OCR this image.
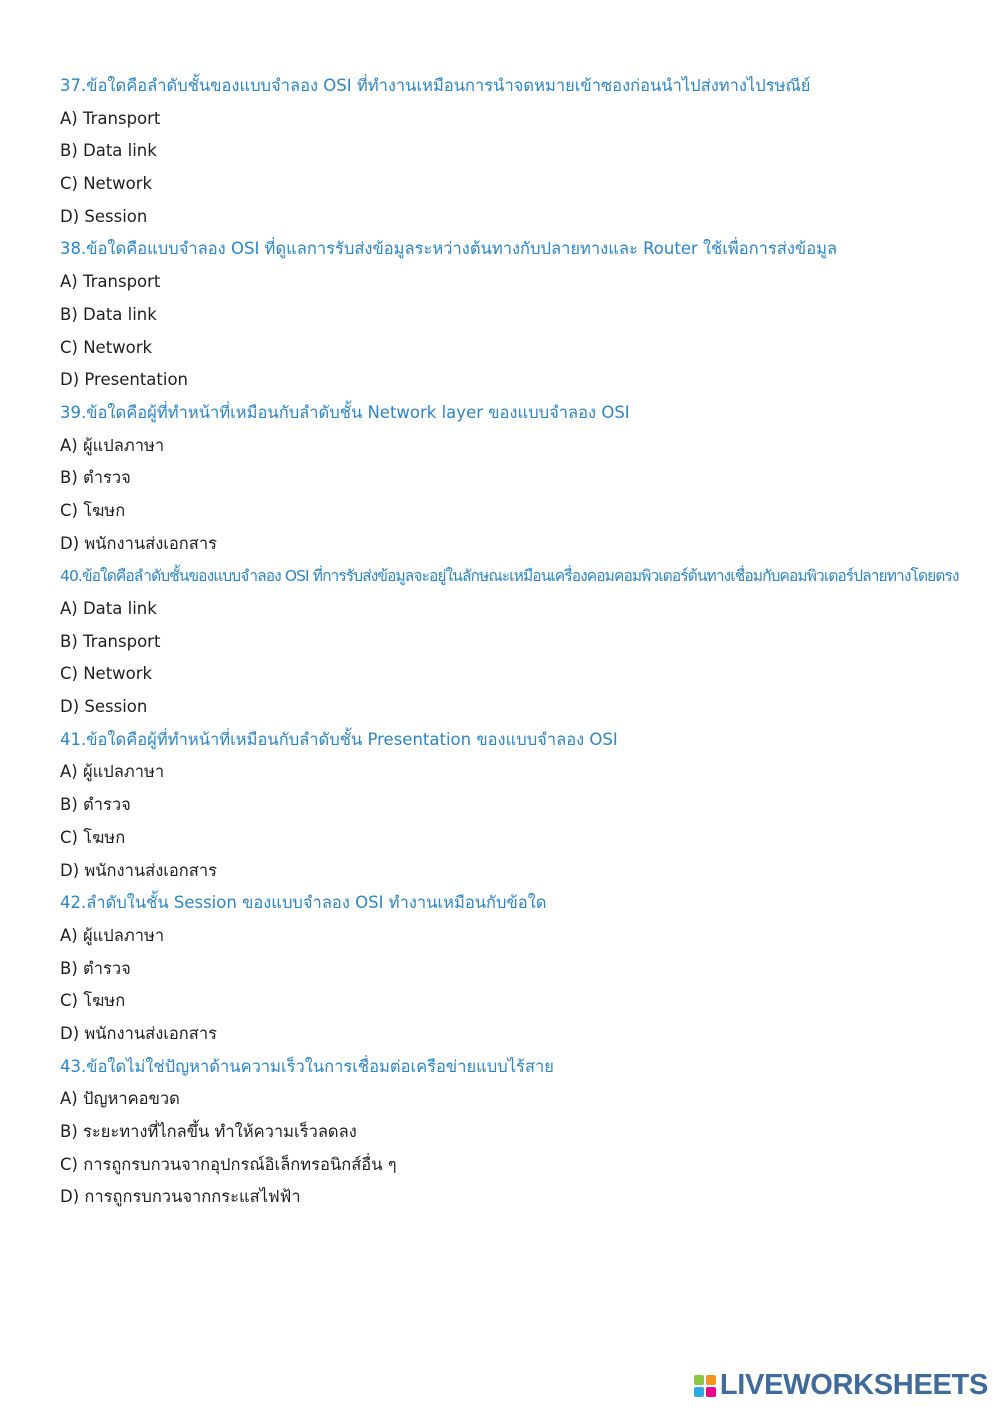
37.ข้อใดคือลำดับชั้นของแบบจำลอง OSI ที่ทำงานเหมือนการนำจดหมายเข้าซองก่อนนำไปส่งทางไปรษณีย์
A) Transport
B) Data link
C) Network
D) Session
38.ข้อใดคือแบบจำลอง OSI ที่ดูแลการรับส่งข้อมูลระหว่างต้นทางกับปลายทางและ Router ใช้เพื่อการส่งข้อมูล
A) Transport
B) Data link
C) Network
D) Presentation
39.ข้อใดคือผู้ที่ทำหน้าที่เหมือนกับลำดับชั้น Network layer ของแบบจำลอง OSI
A) ผู้แปลภาษา
B) ตำรวจ
C) โฆษก
D) พนักงานส่งเอกสาร
40.ข้อใดคือลำดับชั้นของแบบจำลอง OSI ที่การรับส่งข้อมูลจะอยู่ในลักษณะเหมือนเครื่องคอมคอมพิวเตอร์ต้นทางเชื่อมกับคอมพิวเตอร์ปลายทางโดยตรง
A) Data link
B) Transport
C) Network
D) Session
41.ข้อใดคือผู้ที่ทำหน้าที่เหมือนกับลำดับชั้น Presentation ของแบบจำลอง OSI
A) ผู้แปลภาษา
B) ตำรวจ
C) โฆษก
D) พนักงานส่งเอกสาร
42.ลำดับในชั้น Session ของแบบจำลอง OSI ทำงานเหมือนกับข้อใด
A) ผู้แปลภาษา
B) ตำรวจ
C) โฆษก
D) พนักงานส่งเอกสาร
43.ข้อใดไม่ใช่ปัญหาด้านความเร็วในการเชื่อมต่อเครือข่ายแบบไร้สาย
A) ปัญหาคอขวด
B) ระยะทางที่ไกลขึ้น ทำให้ความเร็วลดลง
C) การถูกรบกวนจากอุปกรณ์อิเล็กทรอนิกส์อื่น ๆ
D) การถูกรบกวนจากกระแสไฟฟ้า
LIVEWORKSHEETS
